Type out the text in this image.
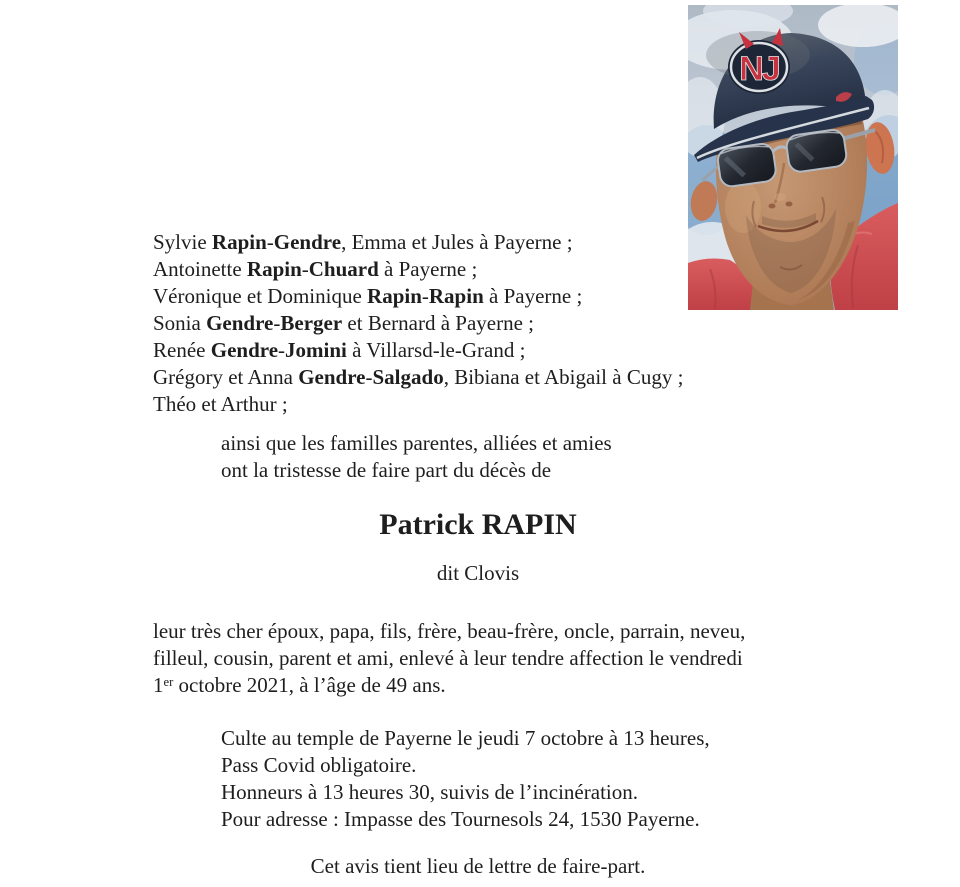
Sylvie Rapin-Gendre, Emma et Jules à Payerne ;
Antoinette Rapin-Chuard à Payerne ;
Véronique et Dominique Rapin-Rapin à Payerne ;
Sonia Gendre-Berger et Bernard à Payerne ;
Renée Gendre-Jomini à Villarsd-le-Grand ;
Grégory et Anna Gendre-Salgado, Bibiana et Abigail à Cugy ;
Théo et Arthur ;
ainsi que les familles parentes, alliées et amies
ont la tristesse de faire part du décès de
Patrick RAPIN
dit Clovis
leur très cher époux, papa, fils, frère, beau-frère, oncle, parrain, neveu,
filleul, cousin, parent et ami, enlevé à leur tendre affection le vendredi
1er octobre 2021, à l’âge de 49 ans.
Culte au temple de Payerne le jeudi 7 octobre à 13 heures,
Pass Covid obligatoire.
Honneurs à 13 heures 30, suivis de l’incinération.
Pour adresse : Impasse des Tournesols 24, 1530 Payerne.
Cet avis tient lieu de lettre de faire-part.
NJ
